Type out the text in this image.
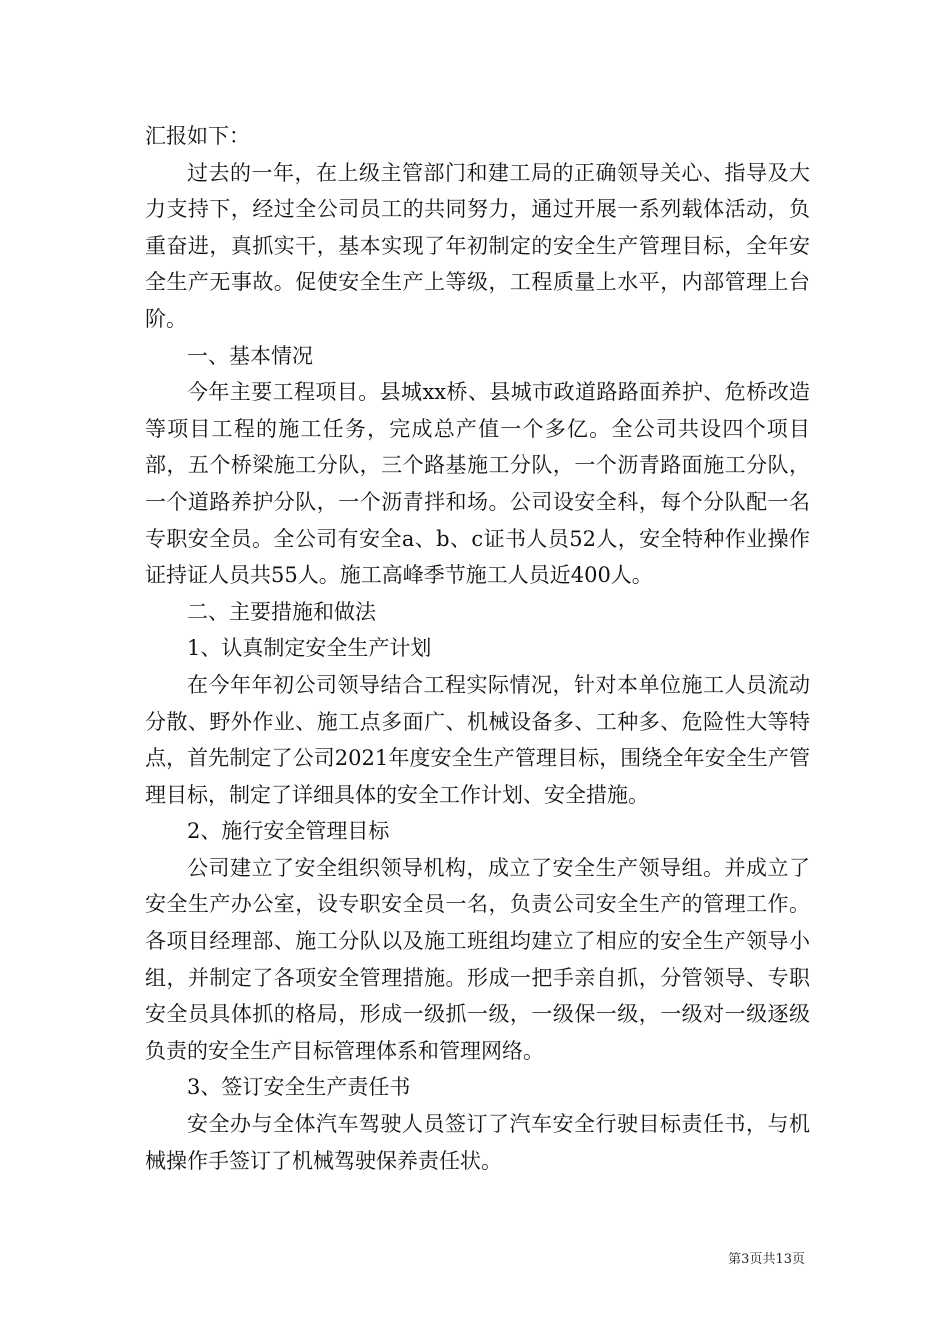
汇报如下：

过去的一年，在上级主管部门和建工局的正确领导关心、指导及大力支持下，经过全公司员工的共同努力，通过开展一系列载体活动，负重奋进，真抓实干，基本实现了年初制定的安全生产管理目标，全年安全生产无事故。促使安全生产上等级，工程质量上水平，内部管理上台阶。

一、基本情况

今年主要工程项目。县城xx桥、县城市政道路路面养护、危桥改造等项目工程的施工任务，完成总产值一个多亿。全公司共设四个项目部，五个桥梁施工分队，三个路基施工分队，一个沥青路面施工分队，一个道路养护分队，一个沥青拌和场。公司设安全科，每个分队配一名专职安全员。全公司有安全a、b、c证书人员52人，安全特种作业操作证持证人员共55人。施工高峰季节施工人员近400人。

二、主要措施和做法

1、认真制定安全生产计划

在今年年初公司领导结合工程实际情况，针对本单位施工人员流动分散、野外作业、施工点多面广、机械设备多、工种多、危险性大等特点，首先制定了公司2021年度安全生产管理目标，围绕全年安全生产管理目标，制定了详细具体的安全工作计划、安全措施。

2、施行安全管理目标

公司建立了安全组织领导机构，成立了安全生产领导组。并成立了安全生产办公室，设专职安全员一名，负责公司安全生产的管理工作。各项目经理部、施工分队以及施工班组均建立了相应的安全生产领导小组，并制定了各项安全管理措施。形成一把手亲自抓，分管领导、专职安全员具体抓的格局，形成一级抓一级，一级保一级，一级对一级逐级负责的安全生产目标管理体系和管理网络。

3、签订安全生产责任书

安全办与全体汽车驾驶人员签订了汽车安全行驶目标责任书，与机械操作手签订了机械驾驶保养责任状。

第3页共13页
